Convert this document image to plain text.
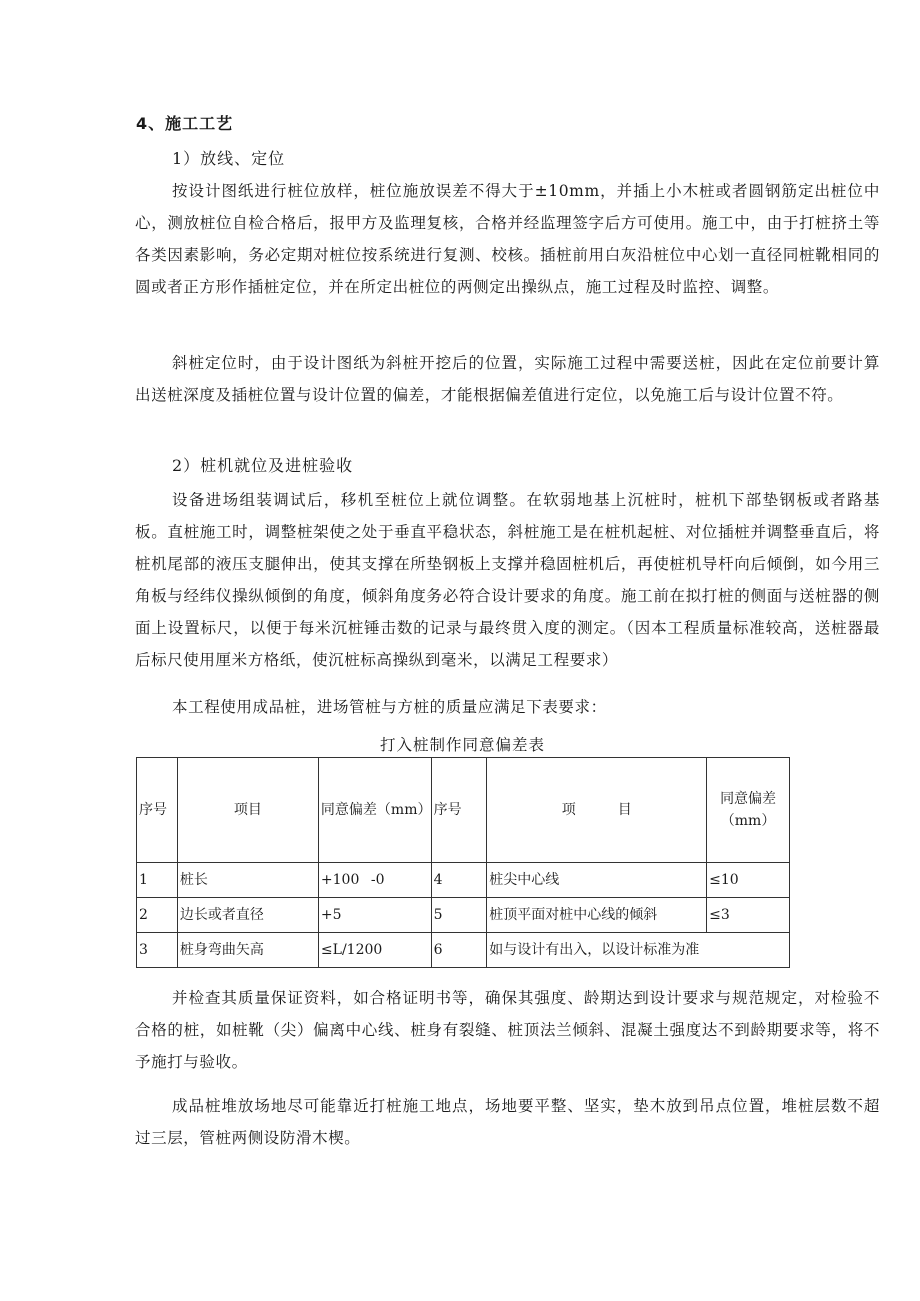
4、施工工艺
1）放线、定位

按设计图纸进行桩位放样，桩位施放误差不得大于±10mm，并插上小木桩或者圆钢筋定出桩位中心，测放桩位自检合格后，报甲方及监理复核，合格并经监理签字后方可使用。施工中，由于打桩挤土等各类因素影响，务必定期对桩位按系统进行复测、校核。插桩前用白灰沿桩位中心划一直径同桩靴相同的圆或者正方形作插桩定位，并在所定出桩位的两侧定出操纵点，施工过程及时监控、调整。

斜桩定位时，由于设计图纸为斜桩开挖后的位置，实际施工过程中需要送桩，因此在定位前要计算出送桩深度及插桩位置与设计位置的偏差，才能根据偏差值进行定位，以免施工后与设计位置不符。

2）桩机就位及进桩验收

设备进场组装调试后，移机至桩位上就位调整。在软弱地基上沉桩时，桩机下部垫钢板或者路基板。直桩施工时，调整桩架使之处于垂直平稳状态，斜桩施工是在桩机起桩、对位插桩并调整垂直后，将桩机尾部的液压支腿伸出，使其支撑在所垫钢板上支撑并稳固桩机后，再使桩机导杆向后倾倒，如今用三角板与经纬仪操纵倾倒的角度，倾斜角度务必符合设计要求的角度。施工前在拟打桩的侧面与送桩器的侧面上设置标尺，以便于每米沉桩锤击数的记录与最终贯入度的测定。（因本工程质量标准较高，送桩器最后标尺使用厘米方格纸，使沉桩标高操纵到毫米，以满足工程要求）

本工程使用成品桩，进场管桩与方桩的质量应满足下表要求：

打入桩制作同意偏差表
序号	项目	同意偏差（mm）	序号	项　　　目	同意偏差（mm）
1	桩长	+100 -0	4	桩尖中心线	≤10
2	边长或者直径	+5	5	桩顶平面对桩中心线的倾斜	≤3
3	桩身弯曲矢高	≤L/1200	6	如与设计有出入，以设计标准为准	

并检查其质量保证资料，如合格证明书等，确保其强度、龄期达到设计要求与规范规定，对检验不合格的桩，如桩靴（尖）偏离中心线、桩身有裂缝、桩顶法兰倾斜、混凝土强度达不到龄期要求等，将不予施打与验收。

成品桩堆放场地尽可能靠近打桩施工地点，场地要平整、坚实，垫木放到吊点位置，堆桩层数不超过三层，管桩两侧设防滑木楔。
